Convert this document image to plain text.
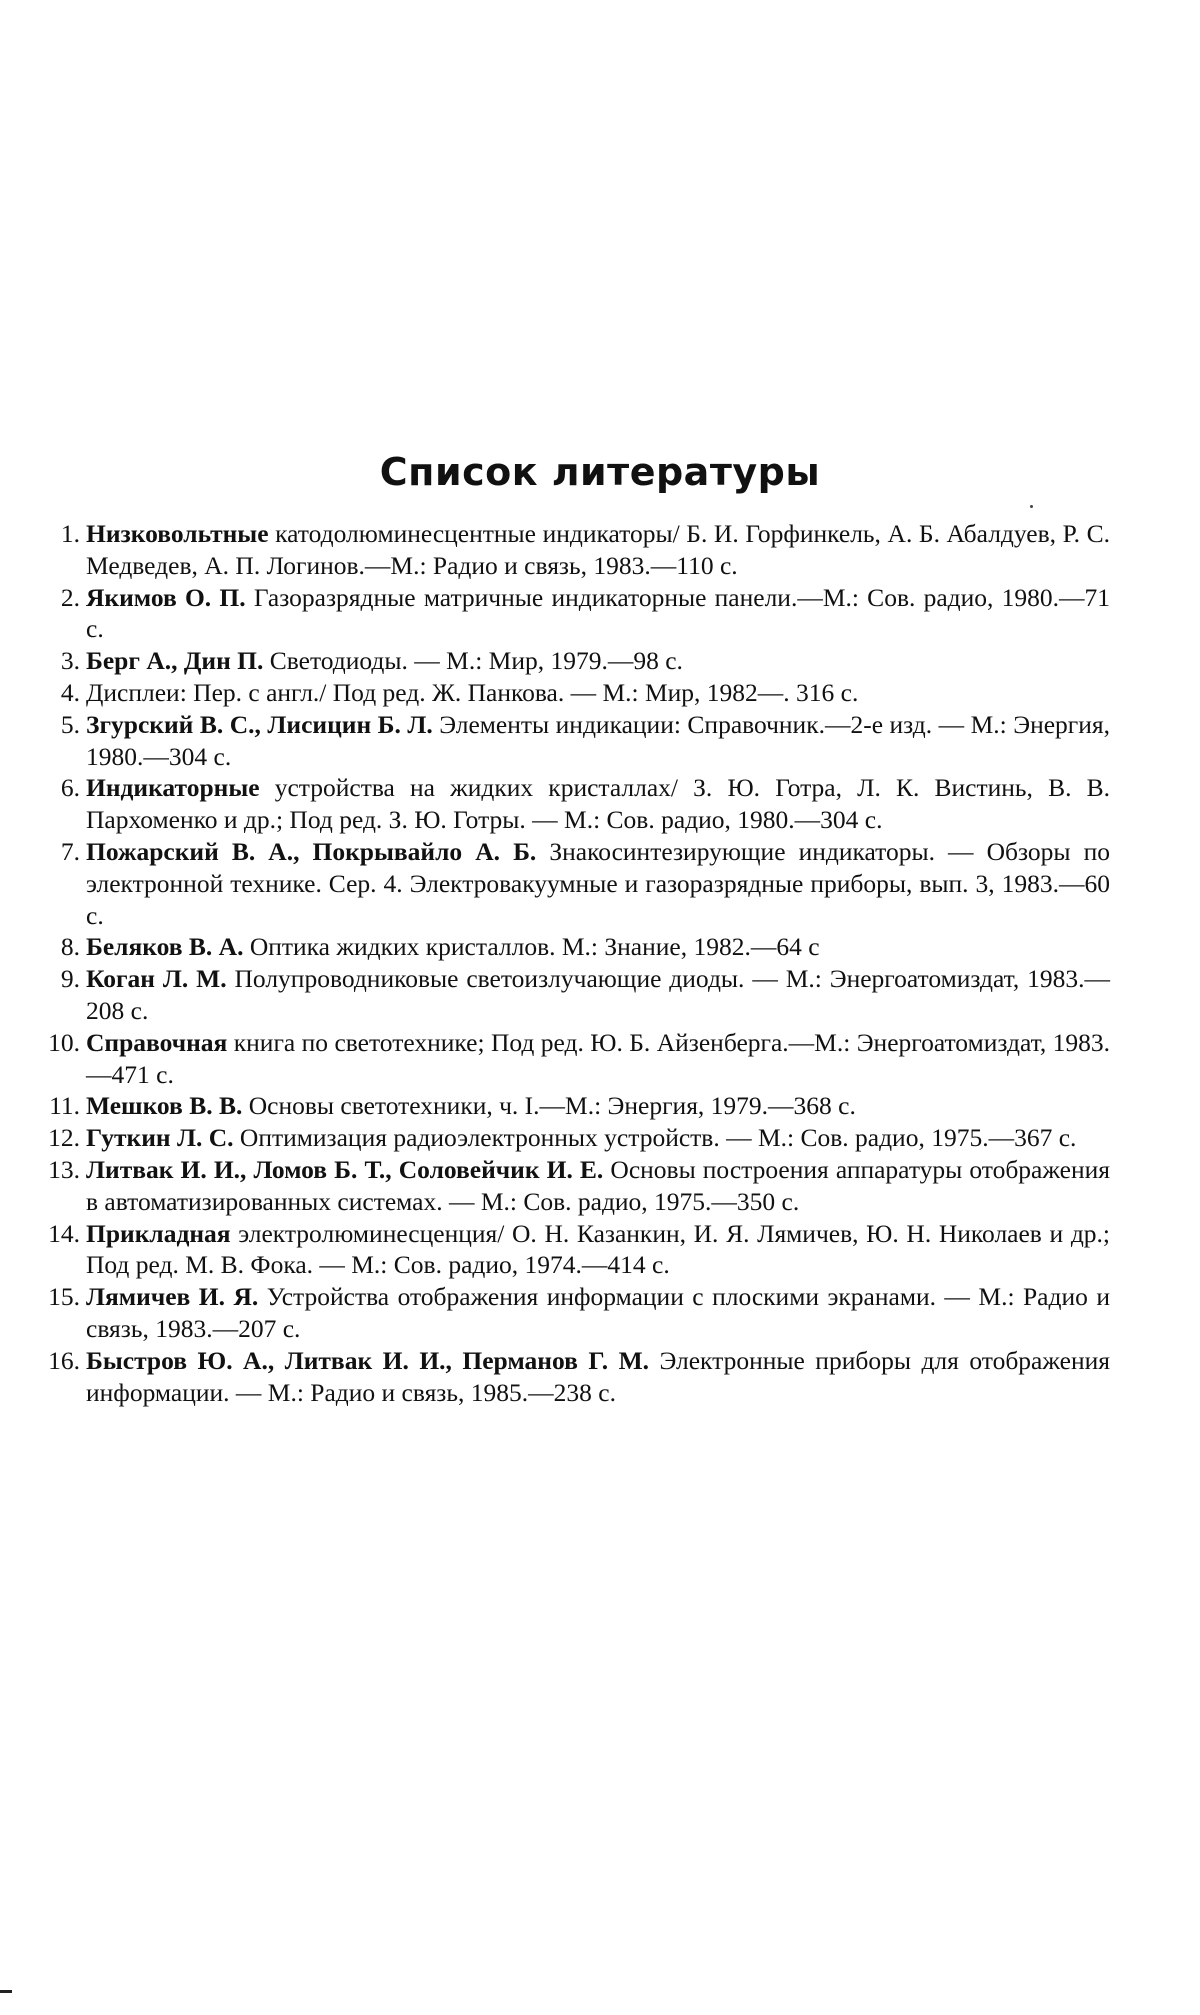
Список литературы
1. Низковольтные катодолюминесцентные индикаторы/ Б. И. Горфинкель, А. Б. Абалдуев, Р. С. Медведев, А. П. Логинов.—М.: Радио и связь, 1983.—110 с.
2. Якимов О. П. Газоразрядные матричные индикаторные панели.—М.: Сов. радио, 1980.—71 с.
3. Берг А., Дин П. Светодиоды. — М.: Мир, 1979.—98 с.
4. Дисплеи: Пер. с англ./ Под ред. Ж. Панкова. — М.: Мир, 1982—. 316 с.
5. Згурский В. С., Лисицин Б. Л. Элементы индикации: Справочник.—2-е изд. — М.: Энергия, 1980.—304 с.
6. Индикаторные устройства на жидких кристаллах/ З. Ю. Готра, Л. К. Вистинь, В. В. Пархоменко и др.; Под ред. З. Ю. Готры. — М.: Сов. радио, 1980.—304 с.
7. Пожарский В. А., Покрывайло А. Б. Знакосинтезирующие индикаторы. — Обзоры по электронной технике. Сер. 4. Электровакуумные и газоразрядные приборы, вып. 3, 1983.—60 с.
8. Беляков В. А. Оптика жидких кристаллов. М.: Знание, 1982.—64 с
9. Коган Л. М. Полупроводниковые светоизлучающие диоды. — М.: Энергоатомиздат, 1983.—208 с.
10. Справочная книга по светотехнике; Под ред. Ю. Б. Айзенберга.—М.: Энергоатомиздат, 1983.—471 с.
11. Мешков В. В. Основы светотехники, ч. I.—М.: Энергия, 1979.—368 с.
12. Гуткин Л. С. Оптимизация радиоэлектронных устройств. — М.: Сов. радио, 1975.—367 с.
13. Литвак И. И., Ломов Б. Т., Соловейчик И. Е. Основы построения аппаратуры отображения в автоматизированных системах. — М.: Сов. радио, 1975.—350 с.
14. Прикладная электролюминесценция/ О. Н. Казанкин, И. Я. Лямичев, Ю. Н. Николаев и др.; Под ред. М. В. Фока. — М.: Сов. радио, 1974.—414 с.
15. Лямичев И. Я. Устройства отображения информации с плоскими экранами. — М.: Радио и связь, 1983.—207 с.
16. Быстров Ю. А., Литвак И. И., Перманов Г. М. Электронные приборы для отображения информации. — М.: Радио и связь, 1985.—238 с.
